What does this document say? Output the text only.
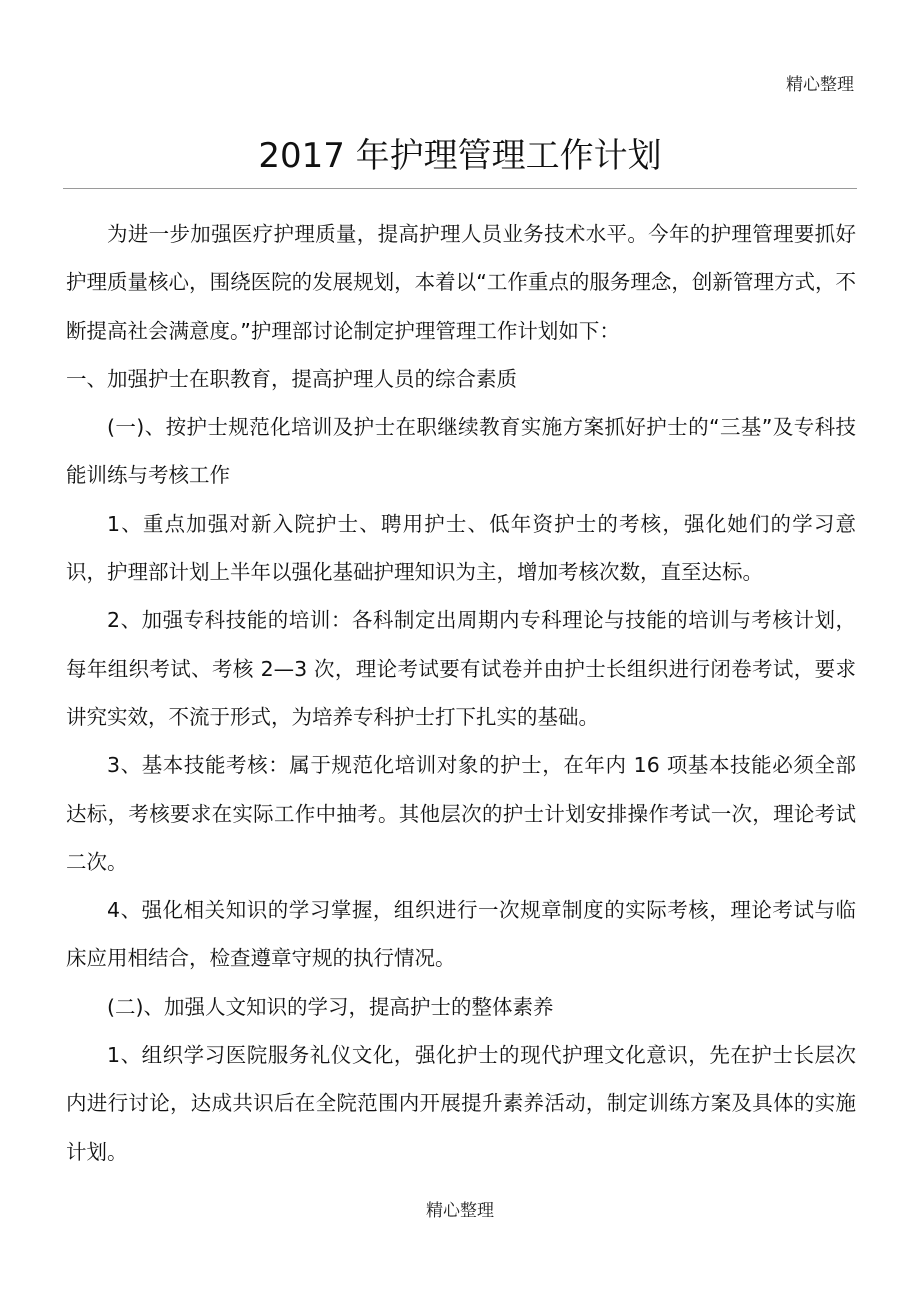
精心整理
2017 年护理管理工作计划

为进一步加强医疗护理质量，提高护理人员业务技术水平。今年的护理管理要抓好护理质量核心，围绕医院的发展规划，本着以“工作重点的服务理念，创新管理方式，不断提高社会满意度。”护理部讨论制定护理管理工作计划如下：

一、加强护士在职教育，提高护理人员的综合素质

(一)、按护士规范化培训及护士在职继续教育实施方案抓好护士的“三基”及专科技能训练与考核工作

1、重点加强对新入院护士、聘用护士、低年资护士的考核，强化她们的学习意识，护理部计划上半年以强化基础护理知识为主，增加考核次数，直至达标。

2、加强专科技能的培训：各科制定出周期内专科理论与技能的培训与考核计划，每年组织考试、考核 2—3 次，理论考试要有试卷并由护士长组织进行闭卷考试，要求讲究实效，不流于形式，为培养专科护士打下扎实的基础。

3、基本技能考核：属于规范化培训对象的护士，在年内 16 项基本技能必须全部达标，考核要求在实际工作中抽考。其他层次的护士计划安排操作考试一次，理论考试二次。

4、强化相关知识的学习掌握，组织进行一次规章制度的实际考核，理论考试与临床应用相结合，检查遵章守规的执行情况。

(二)、加强人文知识的学习，提高护士的整体素养

1、组织学习医院服务礼仪文化，强化护士的现代护理文化意识，先在护士长层次内进行讨论，达成共识后在全院范围内开展提升素养活动，制定训练方案及具体的实施计划。

精心整理
